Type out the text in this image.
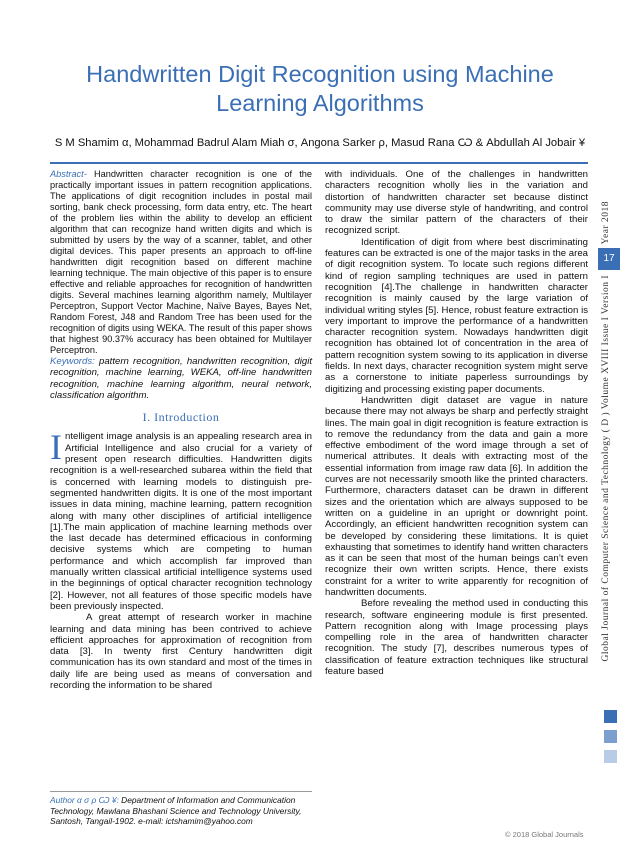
Handwritten Digit Recognition using Machine Learning Algorithms
S M Shamim α, Mohammad Badrul Alam Miah σ, Angona Sarker ρ, Masud Rana Ѡ & Abdullah Al Jobair ¥

Abstract- Handwritten character recognition is one of the practically important issues in pattern recognition applications. The applications of digit recognition includes in postal mail sorting, bank check processing, form data entry, etc. The heart of the problem lies within the ability to develop an efficient algorithm that can recognize hand written digits and which is submitted by users by the way of a scanner, tablet, and other digital devices. This paper presents an approach to off-line handwritten digit recognition based on different machine learning technique. The main objective of this paper is to ensure effective and reliable approaches for recognition of handwritten digits. Several machines learning algorithm namely, Multilayer Perceptron, Support Vector Machine, Naïve Bayes, Bayes Net, Random Forest, J48 and Random Tree has been used for the recognition of digits using WEKA. The result of this paper shows that highest 90.37% accuracy has been obtained for Multilayer Perceptron.

Keywords: pattern recognition, handwritten recognition, digit recognition, machine learning, WEKA, off-line handwritten recognition, machine learning algorithm, neural network, classification algorithm.

I. Introduction

Intelligent image analysis is an appealing research area in Artificial Intelligence and also crucial for a variety of present open research difficulties. Handwritten digits recognition is a well-researched subarea within the field that is concerned with learning models to distinguish pre-segmented handwritten digits. It is one of the most important issues in data mining, machine learning, pattern recognition along with many other disciplines of artificial intelligence [1].The main application of machine learning methods over the last decade has determined efficacious in conforming decisive systems which are competing to human performance and which accomplish far improved than manually written classical artificial intelligence systems used in the beginnings of optical character recognition technology [2]. However, not all features of those specific models have been previously inspected.

A great attempt of research worker in machine learning and data mining has been contrived to achieve efficient approaches for approximation of recognition from data [3]. In twenty first Century handwritten digit communication has its own standard and most of the times in daily life are being used as means of conversation and recording the information to be shared

with individuals. One of the challenges in handwritten characters recognition wholly lies in the variation and distortion of handwritten character set because distinct community may use diverse style of handwriting, and control to draw the similar pattern of the characters of their recognized script.

Identification of digit from where best discriminating features can be extracted is one of the major tasks in the area of digit recognition system. To locate such regions different kind of region sampling techniques are used in pattern recognition [4].The challenge in handwritten character recognition is mainly caused by the large variation of individual writing styles [5]. Hence, robust feature extraction is very important to improve the performance of a handwritten character recognition system. Nowadays handwritten digit recognition has obtained lot of concentration in the area of pattern recognition system sowing to its application in diverse fields. In next days, character recognition system might serve as a cornerstone to initiate paperless surroundings by digitizing and processing existing paper documents.

Handwritten digit dataset are vague in nature because there may not always be sharp and perfectly straight lines. The main goal in digit recognition is feature extraction is to remove the redundancy from the data and gain a more effective embodiment of the word image through a set of numerical attributes. It deals with extracting most of the essential information from image raw data [6]. In addition the curves are not necessarily smooth like the printed characters. Furthermore, characters dataset can be drawn in different sizes and the orientation which are always supposed to be written on a guideline in an upright or downright point. Accordingly, an efficient handwritten recognition system can be developed by considering these limitations. It is quiet exhausting that sometimes to identify hand written characters as it can be seen that most of the human beings can’t even recognize their own written scripts. Hence, there exists constraint for a writer to write apparently for recognition of handwritten documents.

Before revealing the method used in conducting this research, software engineering module is first presented. Pattern recognition along with Image processing plays compelling role in the area of handwritten character recognition. The study [7], describes numerous types of classification of feature extraction techniques like structural feature based

Author α σ ρ Ѡ ¥: Department of Information and Communication Technology, Mawlana Bhashani Science and Technology University, Santosh, Tangail-1902. e-mail: ictshamim@yahoo.com
Year 2018
17
Global Journal of Computer Science and Technology ( D ) Volume XVIII Issue I Version I
© 2018 Global Journals
